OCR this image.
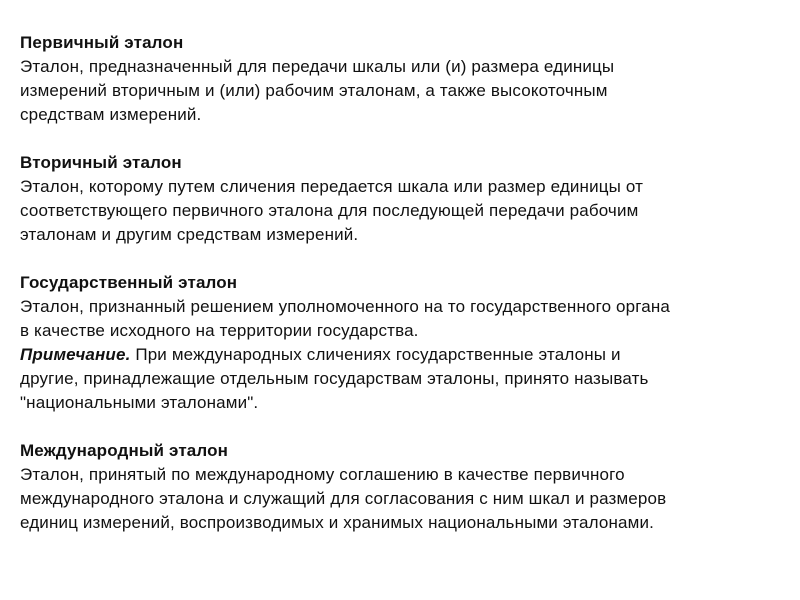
Первичный эталон
Эталон, предназначенный для передачи шкалы или (и) размера единицы
измерений вторичным и (или) рабочим эталонам, а также высокоточным
средствам измерений.
Вторичный эталон
Эталон, которому путем сличения передается шкала или размер единицы от
соответствующего первичного эталона для последующей передачи рабочим
эталонам и другим средствам измерений.
Государственный эталон
Эталон, признанный решением уполномоченного на то государственного органа
в качестве исходного на территории государства.
Примечание. При международных сличениях государственные эталоны и
другие, принадлежащие отдельным государствам эталоны, принято называть
"национальными эталонами".
Международный эталон
Эталон, принятый по международному соглашению в качестве первичного
международного эталона и служащий для согласования с ним шкал и размеров
единиц измерений, воспроизводимых и хранимых национальными эталонами.
